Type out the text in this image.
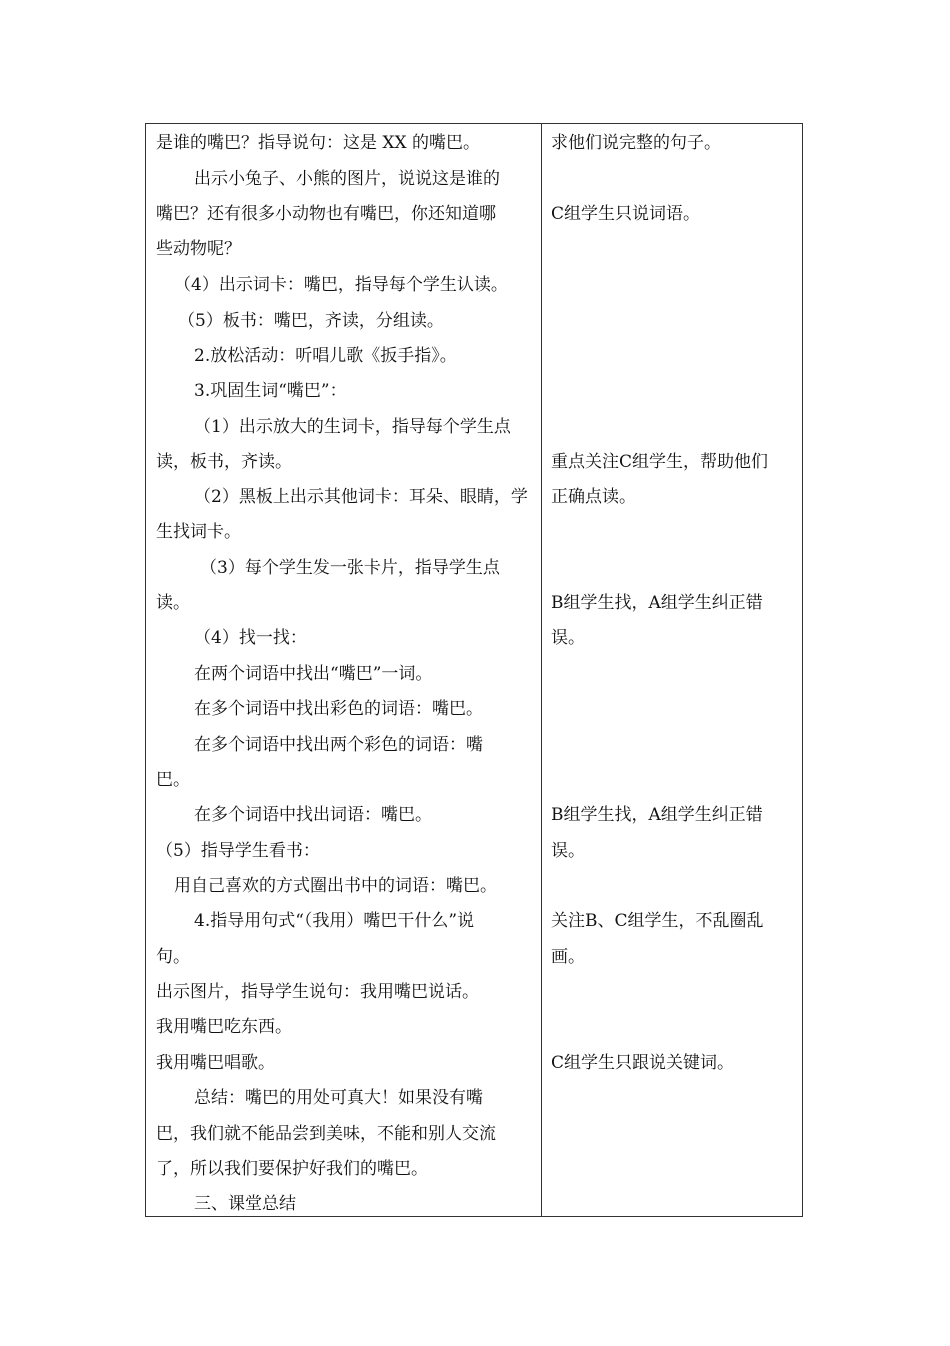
是谁的嘴巴？指导说句：这是 XX 的嘴巴。
出示小兔子、小熊的图片，说说这是谁的
嘴巴？还有很多小动物也有嘴巴，你还知道哪
些动物呢？
（4）出示词卡：嘴巴，指导每个学生认读。
（5）板书：嘴巴，齐读，分组读。
2.放松活动：听唱儿歌《扳手指》。
3.巩固生词“嘴巴”：
（1）出示放大的生词卡，指导每个学生点
读，板书，齐读。
（2）黑板上出示其他词卡：耳朵、眼睛，学
生找词卡。
（3）每个学生发一张卡片，指导学生点
读。
（4）找一找：
在两个词语中找出“嘴巴”一词。
在多个词语中找出彩色的词语：嘴巴。
在多个词语中找出两个彩色的词语：嘴
巴。
在多个词语中找出词语：嘴巴。
（5）指导学生看书：
用自己喜欢的方式圈出书中的词语：嘴巴。
4.指导用句式“（我用）嘴巴干什么”说
句。
出示图片，指导学生说句：我用嘴巴说话。
我用嘴巴吃东西。
我用嘴巴唱歌。
总结：嘴巴的用处可真大！如果没有嘴
巴，我们就不能品尝到美味，不能和别人交流
了，所以我们要保护好我们的嘴巴。
三、课堂总结
求他们说完整的句子。
C组学生只说词语。
重点关注C组学生，帮助他们
正确点读。
B组学生找，A组学生纠正错
误。
B组学生找，A组学生纠正错
误。
关注B、C组学生，不乱圈乱
画。
C组学生只跟说关键词。
